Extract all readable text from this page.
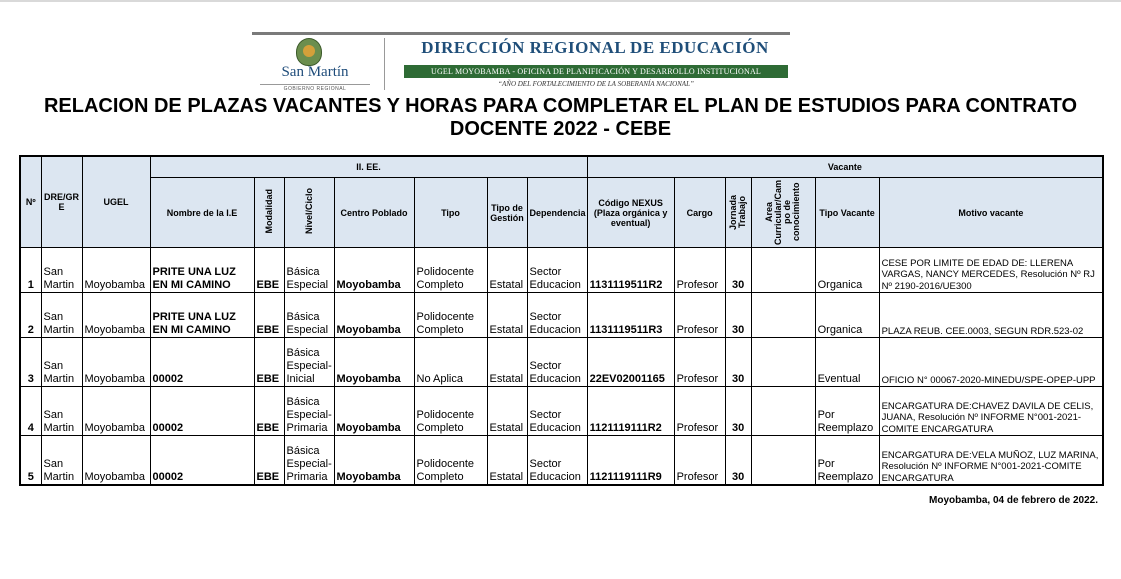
San Martín
GOBIERNO REGIONAL
DIRECCIÓN REGIONAL DE EDUCACIÓN
UGEL MOYOBAMBA - OFICINA DE PLANIFICACIÓN Y DESARROLLO INSTITUCIONAL
“AÑO DEL FORTALECIMIENTO DE LA SOBERANÍA NACIONAL”
RELACION DE PLAZAS VACANTES Y HORAS PARA COMPLETAR EL PLAN DE ESTUDIOS PARA CONTRATO
DOCENTE 2022 - CEBE
Nº	DRE/GR E	UGEL	II. EE.							Vacante					
			Nombre de la I.E	Modalidad	Nivel/Ciclo	Centro Poblado	Tipo	Tipo de Gestión	Dependencia	Código NEXUS (Plaza orgánica y eventual)	Cargo	Jornada Trabajo	Area Curricular/Cam po de conocimiento	Tipo Vacante	Motivo vacante
1	San Martin	Moyobamba	PRITE UNA LUZ EN MI CAMINO	EBE	Básica Especial	Moyobamba	Polidocente Completo	Estatal	Sector Educacion	1131119511R2	Profesor	30		Organica	CESE POR LIMITE DE EDAD DE: LLERENA VARGAS, NANCY MERCEDES, Resolución Nº RJ Nº 2190-2016/UE300
2	San Martin	Moyobamba	PRITE UNA LUZ EN MI CAMINO	EBE	Básica Especial	Moyobamba	Polidocente Completo	Estatal	Sector Educacion	1131119511R3	Profesor	30		Organica	PLAZA REUB. CEE.0003, SEGUN RDR.523-02
3	San Martin	Moyobamba	00002	EBE	Básica Especial-Inicial	Moyobamba	No Aplica	Estatal	Sector Educacion	22EV02001165	Profesor	30		Eventual	OFICIO N° 00067-2020-MINEDU/SPE-OPEP-UPP
4	San Martin	Moyobamba	00002	EBE	Básica Especial-Primaria	Moyobamba	Polidocente Completo	Estatal	Sector Educacion	1121119111R2	Profesor	30		Por Reemplazo	ENCARGATURA DE:CHAVEZ DAVILA DE CELIS, JUANA, Resolución Nº INFORME N°001-2021-COMITE ENCARGATURA
5	San Martin	Moyobamba	00002	EBE	Básica Especial-Primaria	Moyobamba	Polidocente Completo	Estatal	Sector Educacion	1121119111R9	Profesor	30		Por Reemplazo	ENCARGATURA DE:VELA MUÑOZ, LUZ MARINA, Resolución Nº INFORME N°001-2021-COMITE ENCARGATURA
Moyobamba, 04 de febrero de 2022.
